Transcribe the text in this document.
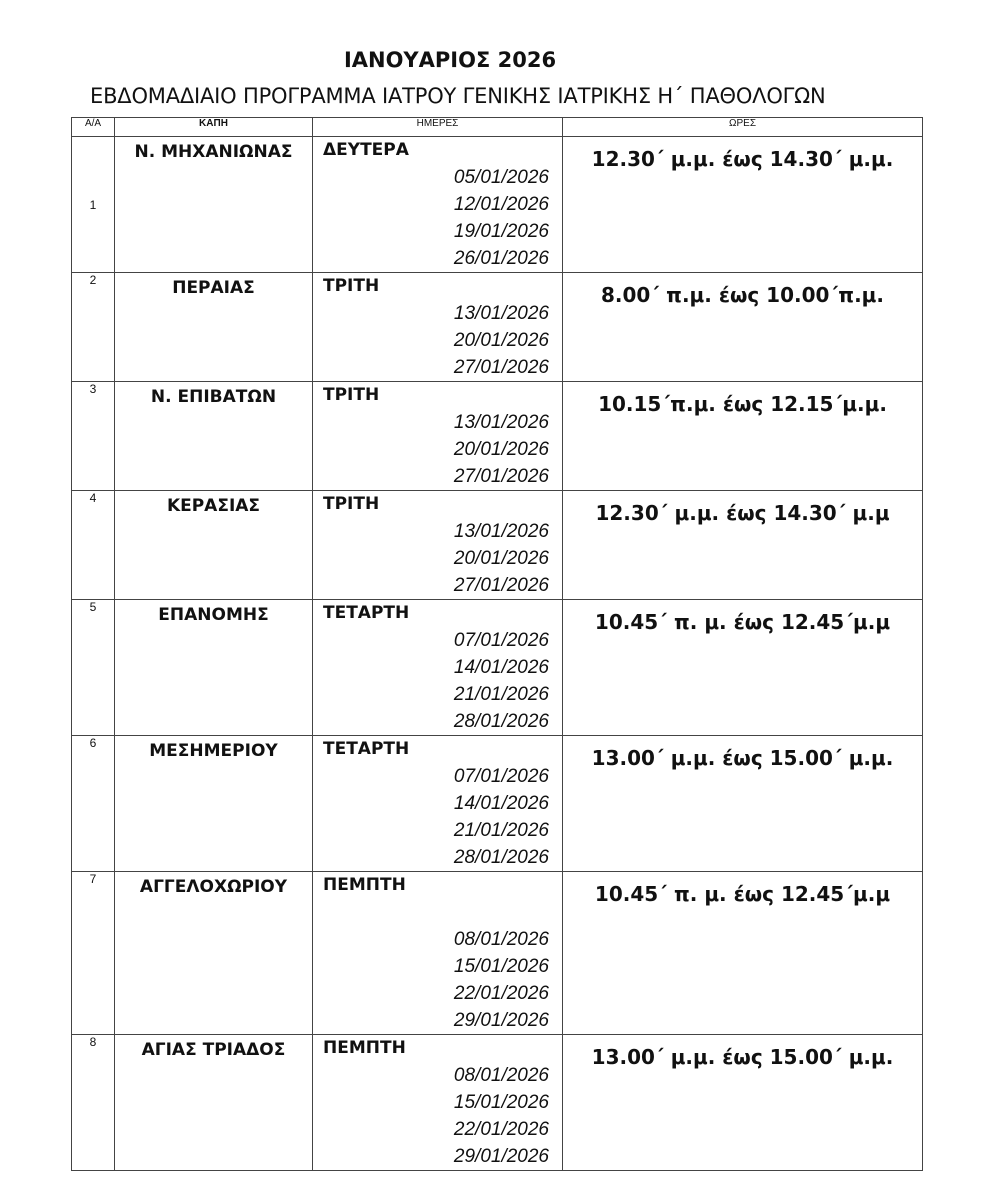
ΙΑΝΟΥΑΡΙΟΣ 2026
ΕΒΔΟΜΑΔΙΑΙΟ ΠΡΟΓΡΑΜΜΑ ΙΑΤΡΟΥ ΓΕΝΙΚΗΣ ΙΑΤΡΙΚΗΣ Η΄ ΠΑΘΟΛΟΓΩΝ
Α/Α	ΚΑΠΗ	ΗΜΕΡΕΣ	ΩΡΕΣ
1	Ν. ΜΗΧΑΝΙΩΝΑΣ	ΔΕΥΤΕΡΑ
05/01/2026
12/01/2026
19/01/2026
26/01/2026	12.30΄ μ.μ. έως 14.30΄ μ.μ.
2	ΠΕΡΑΙΑΣ	ΤΡΙΤΗ
13/01/2026
20/01/2026
27/01/2026	8.00΄ π.μ. έως 10.00΄π.μ.
3	Ν. ΕΠΙΒΑΤΩΝ	ΤΡΙΤΗ
13/01/2026
20/01/2026
27/01/2026	10.15΄π.μ. έως 12.15΄μ.μ.
4	ΚΕΡΑΣΙΑΣ	ΤΡΙΤΗ
13/01/2026
20/01/2026
27/01/2026	12.30΄ μ.μ. έως 14.30΄ μ.μ
5	ΕΠΑΝΟΜΗΣ	ΤΕΤΑΡΤΗ
07/01/2026
14/01/2026
21/01/2026
28/01/2026	10.45΄ π. μ. έως 12.45΄μ.μ
6	ΜΕΣΗΜΕΡΙΟΥ	ΤΕΤΑΡΤΗ
07/01/2026
14/01/2026
21/01/2026
28/01/2026	13.00΄ μ.μ. έως 15.00΄ μ.μ.
7	ΑΓΓΕΛΟΧΩΡΙΟΥ	ΠΕΜΠΤΗ
08/01/2026
15/01/2026
22/01/2026
29/01/2026	10.45΄ π. μ. έως 12.45΄μ.μ
8	ΑΓΙΑΣ ΤΡΙΑΔΟΣ	ΠΕΜΠΤΗ
08/01/2026
15/01/2026
22/01/2026
29/01/2026	13.00΄ μ.μ. έως 15.00΄ μ.μ.
